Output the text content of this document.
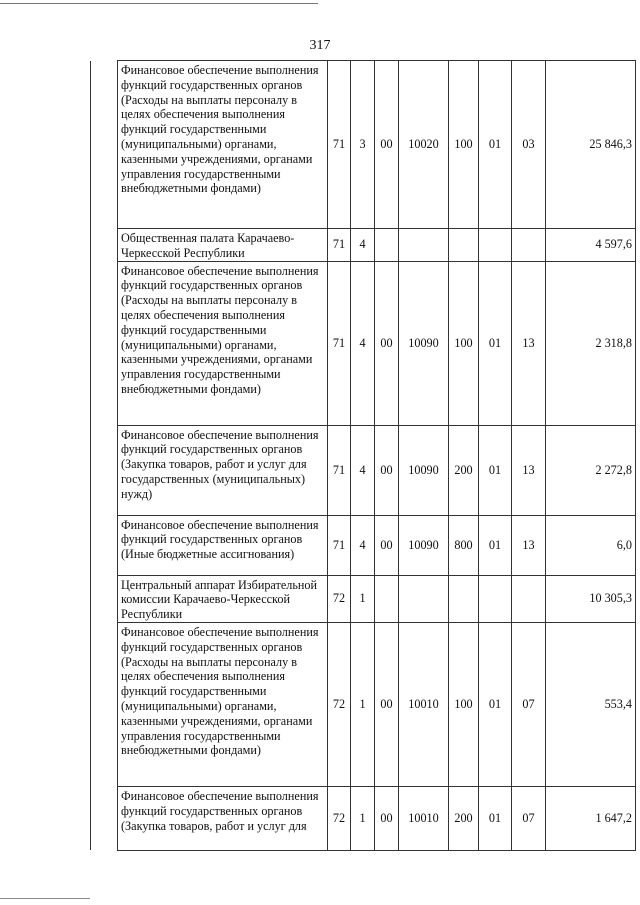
317
	Финансовое обеспечение выполнения функций государственных органов (Расходы на выплаты персоналу в целях обеспечения выполнения функций государственными (муниципальными) органами, казенными учреждениями, органами управления государственными внебюджетными фондами)	71	3	00	10020	100	01	03	25 846,3
	Общественная палата Карачаево-Черкесской Республики	71	4						4 597,6
	Финансовое обеспечение выполнения функций государственных органов (Расходы на выплаты персоналу в целях обеспечения выполнения функций государственными (муниципальными) органами, казенными учреждениями, органами управления государственными внебюджетными фондами)	71	4	00	10090	100	01	13	2 318,8
	Финансовое обеспечение выполнения функций государственных органов (Закупка товаров, работ и услуг для государственных (муниципальных) нужд)	71	4	00	10090	200	01	13	2 272,8
	Финансовое обеспечение выполнения функций государственных органов (Иные бюджетные ассигнования)	71	4	00	10090	800	01	13	6,0
	Центральный аппарат Избирательной комиссии Карачаево-Черкесской Республики	72	1						10 305,3
	Финансовое обеспечение выполнения функций государственных органов (Расходы на выплаты персоналу в целях обеспечения выполнения функций государственными (муниципальными) органами, казенными учреждениями, органами управления государственными внебюджетными фондами)	72	1	00	10010	100	01	07	553,4
	Финансовое обеспечение выполнения функций государственных органов (Закупка товаров, работ и услуг для	72	1	00	10010	200	01	07	1 647,2
